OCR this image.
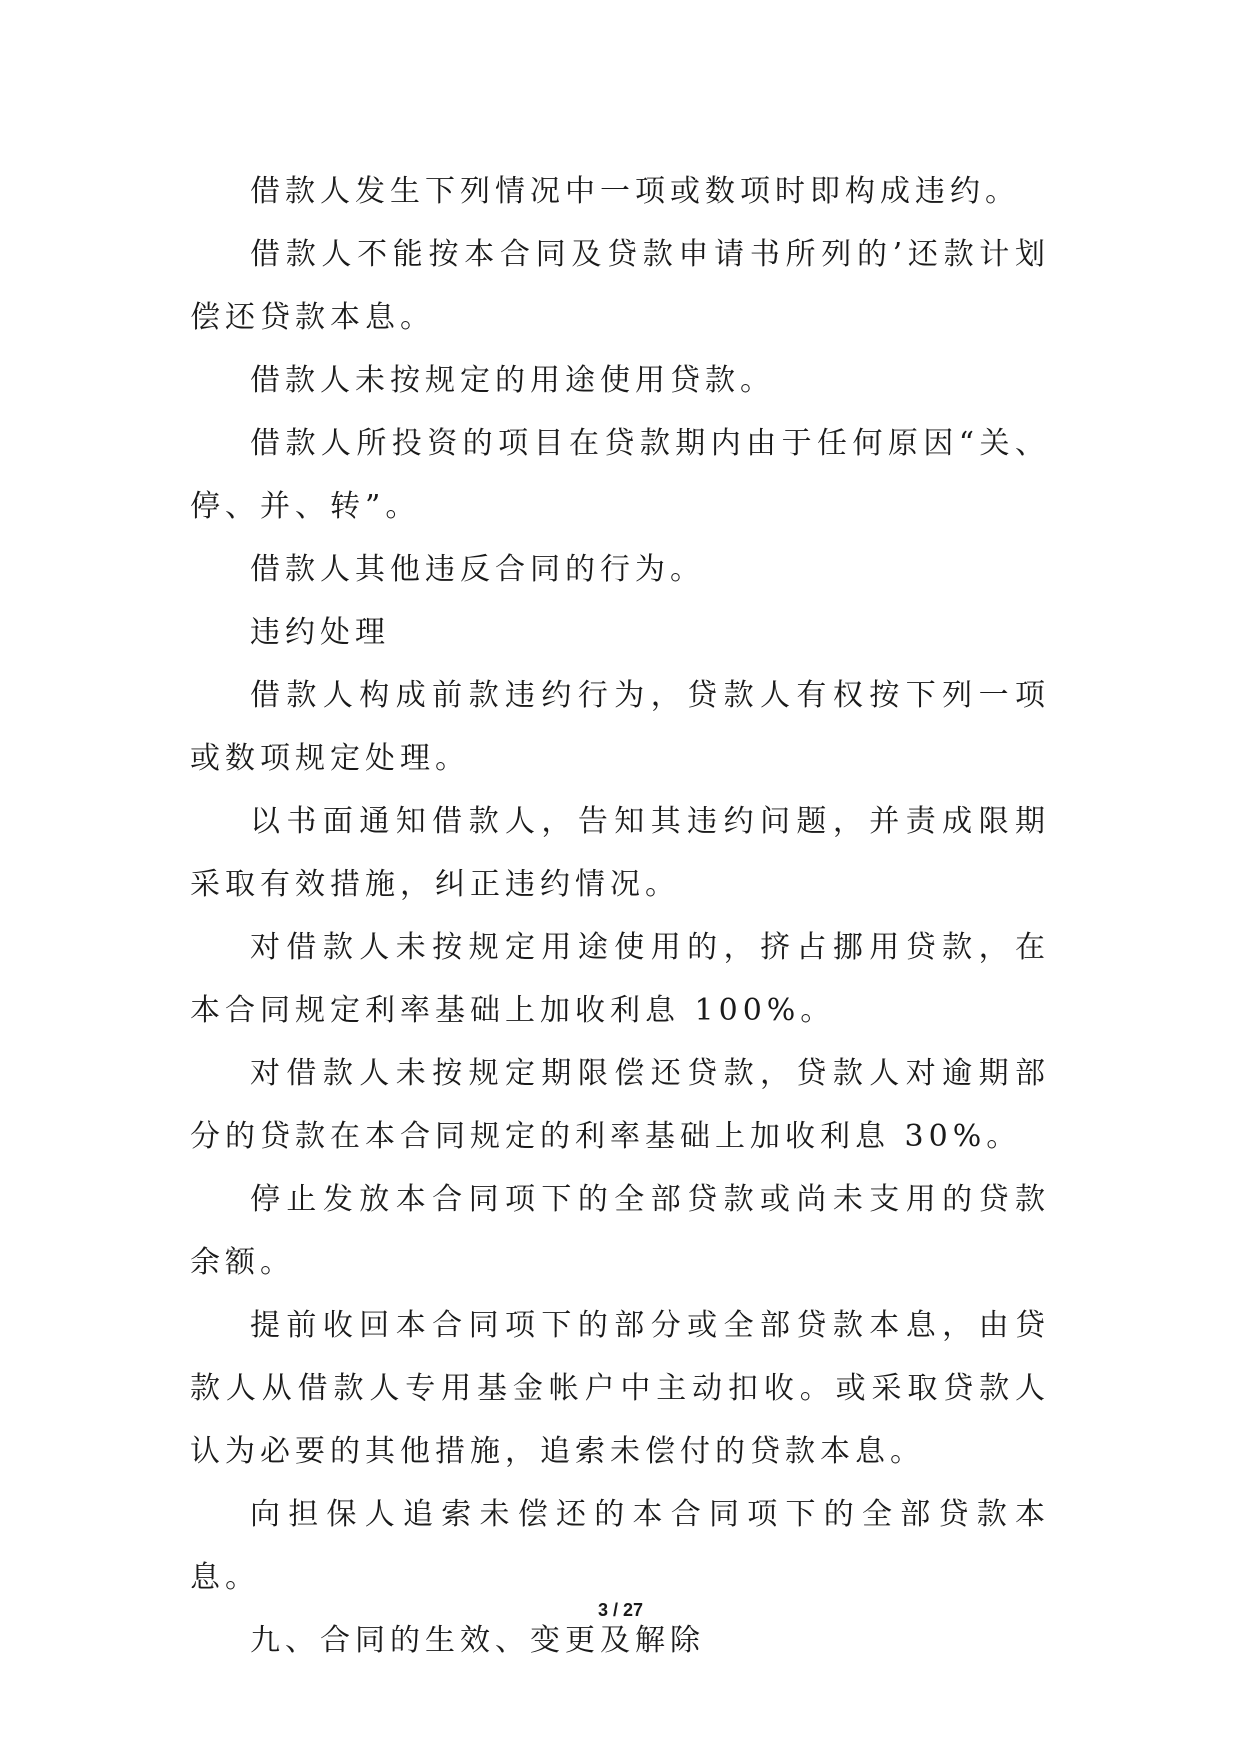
借款人发生下列情况中一项或数项时即构成违约。

借款人不能按本合同及贷款申请书所列的’还款计划偿还贷款本息。

借款人未按规定的用途使用贷款。

借款人所投资的项目在贷款期内由于任何原因“关、停、并、转”。

借款人其他违反合同的行为。

违约处理

借款人构成前款违约行为，贷款人有权按下列一项或数项规定处理。

以书面通知借款人，告知其违约问题，并责成限期采取有效措施，纠正违约情况。

对借款人未按规定用途使用的，挤占挪用贷款，在本合同规定利率基础上加收利息 100%。

对借款人未按规定期限偿还贷款，贷款人对逾期部分的贷款在本合同规定的利率基础上加收利息 30%。

停止发放本合同项下的全部贷款或尚未支用的贷款余额。

提前收回本合同项下的部分或全部贷款本息，由贷款人从借款人专用基金帐户中主动扣收。或采取贷款人认为必要的其他措施，追索未偿付的贷款本息。

向担保人追索未偿还的本合同项下的全部贷款本息。

九、合同的生效、变更及解除

3 / 27
